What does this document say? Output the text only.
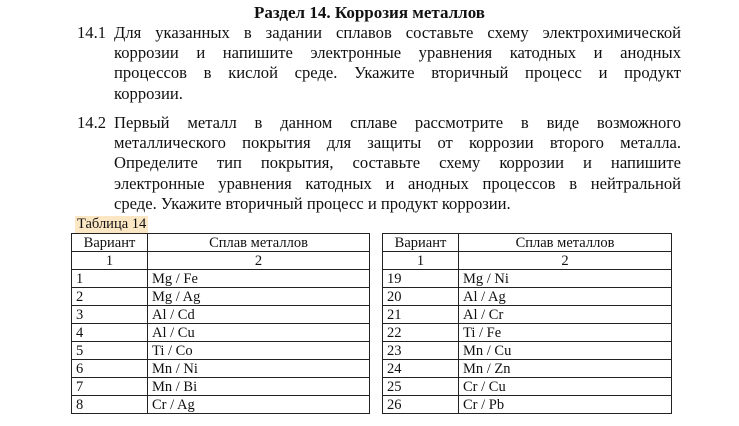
Раздел 14. Коррозия металлов
14.1 Для указанных в задании сплавов составьте схему электрохимической
коррозии и напишите электронные уравнения катодных и анодных
процессов в кислой среде. Укажите вторичный процесс и продукт
коррозии.

14.2 Первый металл в данном сплаве рассмотрите в виде возможного
металлического покрытия для защиты от коррозии второго металла.
Определите тип покрытия, составьте схему коррозии и напишите
электронные уравнения катодных и анодных процессов в нейтральной
среде. Укажите вторичный процесс и продукт коррозии.

Таблица 14
Вариант	Сплав металлов		Вариант	Сплав металлов
1	2		1	2
1	Mg / Fe		19	Mg / Ni
2	Mg / Ag		20	Al / Ag
3	Al / Cd		21	Al / Cr
4	Al / Cu		22	Ti / Fe
5	Ti / Co		23	Mn / Cu
6	Mn / Ni		24	Mn / Zn
7	Mn / Bi		25	Cr / Cu
8	Cr / Ag		26	Cr / Pb
